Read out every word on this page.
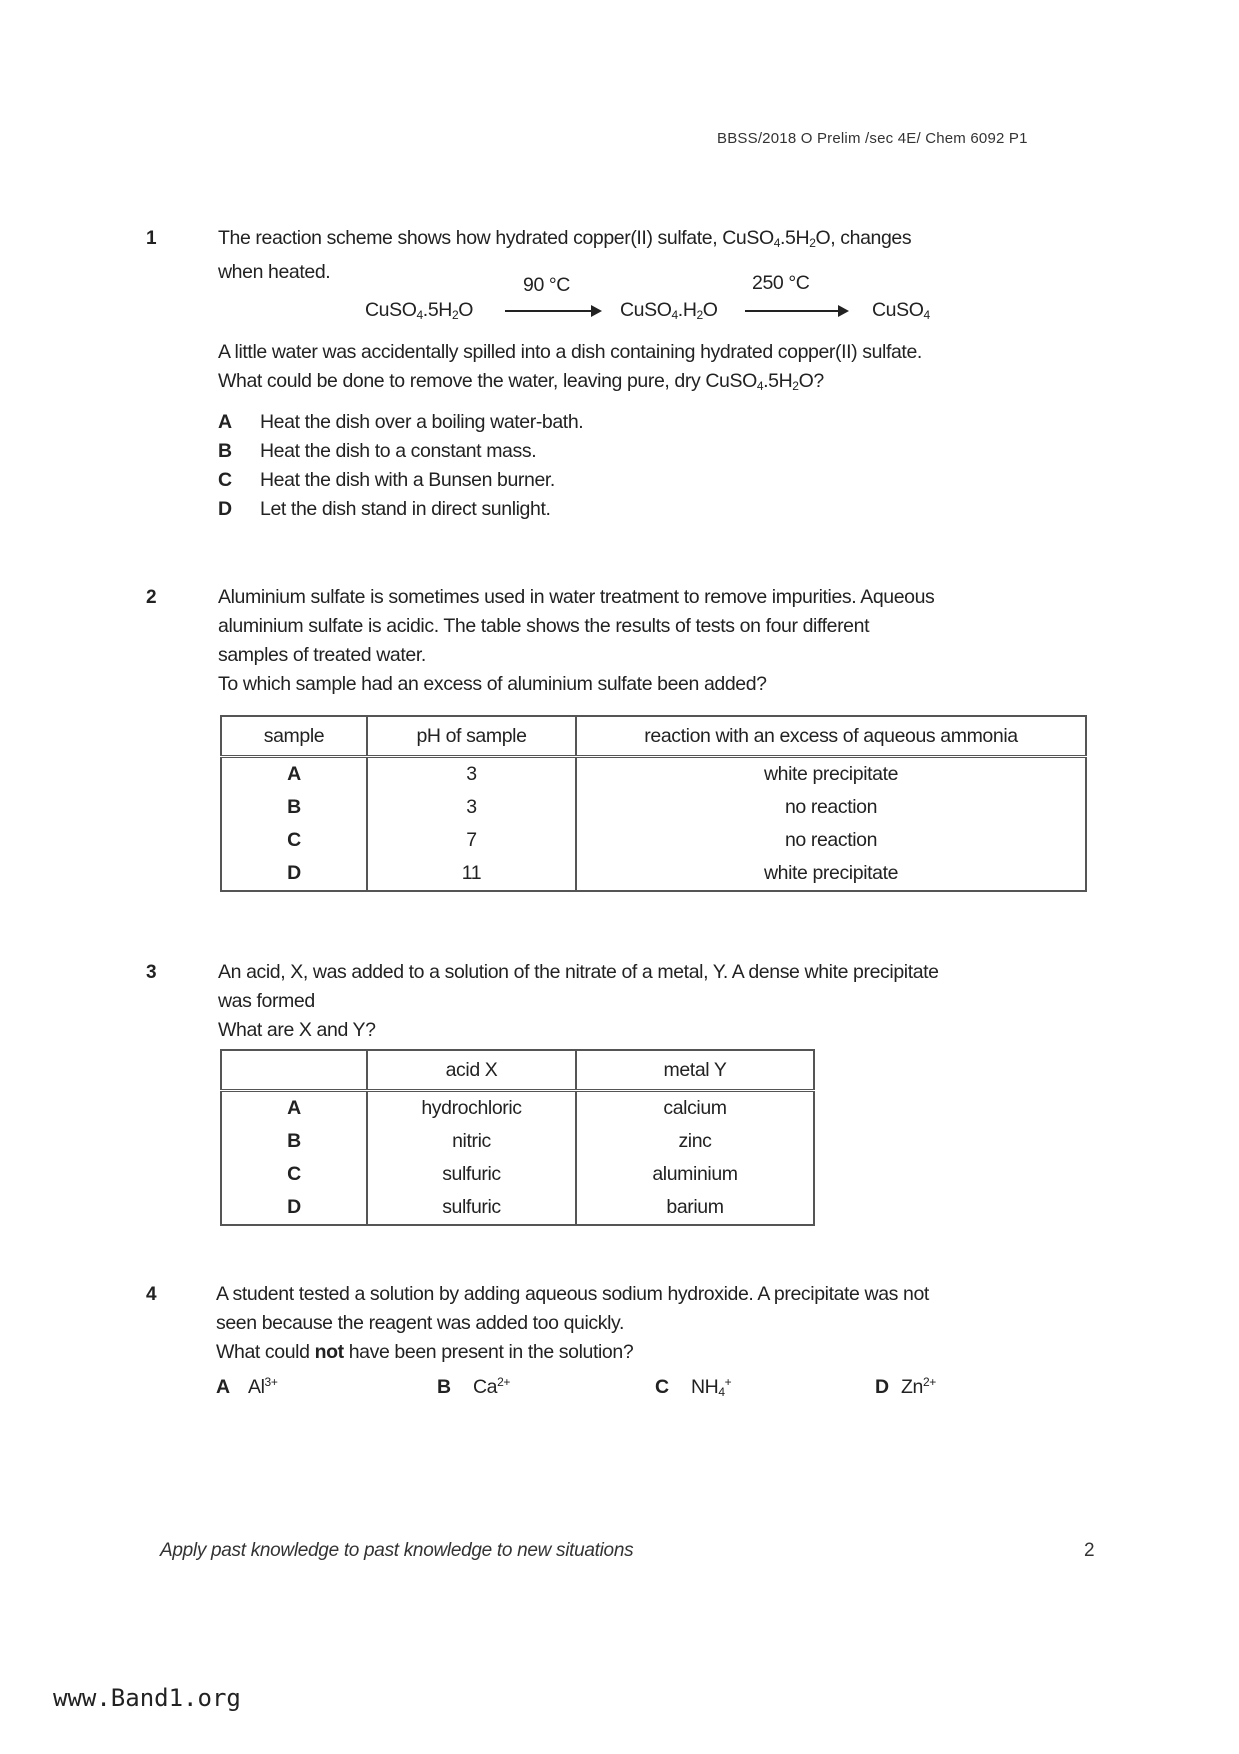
BBSS/2018 O Prelim /sec 4E/ Chem 6092 P1
1	The reaction scheme shows how hydrated copper(II) sulfate, $CuSO_4.5H_2O$, changes
when heated.
90 °C	250 °C
$CuSO_4.5H_2O$	$CuSO_4.H_2O$	CuSO$_4$
A little water was accidentally spilled into a dish containing hydrated copper(II) sulfate.
What could be done to remove the water, leaving pure, dry $CuSO_4.5H_2O$?
A Heat the dish over a boiling water-bath.
B Heat the dish to a constant mass.
C Heat the dish with a Bunsen burner.
D Let the dish stand in direct sunlight.
2	Aluminium sulfate is sometimes used in water treatment to remove impurities. Aqueous
aluminium sulfate is acidic. The table shows the results of tests on four different
samples of treated water.
To which sample had an excess of aluminium sulfate been added?
sample	pH of sample	reaction with an excess of aqueous ammonia
A	3	white precipitate
B	3	no reaction
C	7	no reaction
D	11	white precipitate
3	An acid, X, was added to a solution of the nitrate of a metal, Y. A dense white precipitate
was formed
What are X and Y?
	acid X	metal Y
A	hydrochloric	calcium
B	nitric	zinc
C	sulfuric	aluminium
D	sulfuric	barium
4	A student tested a solution by adding aqueous sodium hydroxide. A precipitate was not
seen because the reagent was added too quickly.
What could not have been present in the solution?
A $Al^{3+}$	B $Ca^{2+}$	C $NH_4^+$	D $Zn^{2+}$
Apply past knowledge to past knowledge to new situations	2
www.Band1.org
